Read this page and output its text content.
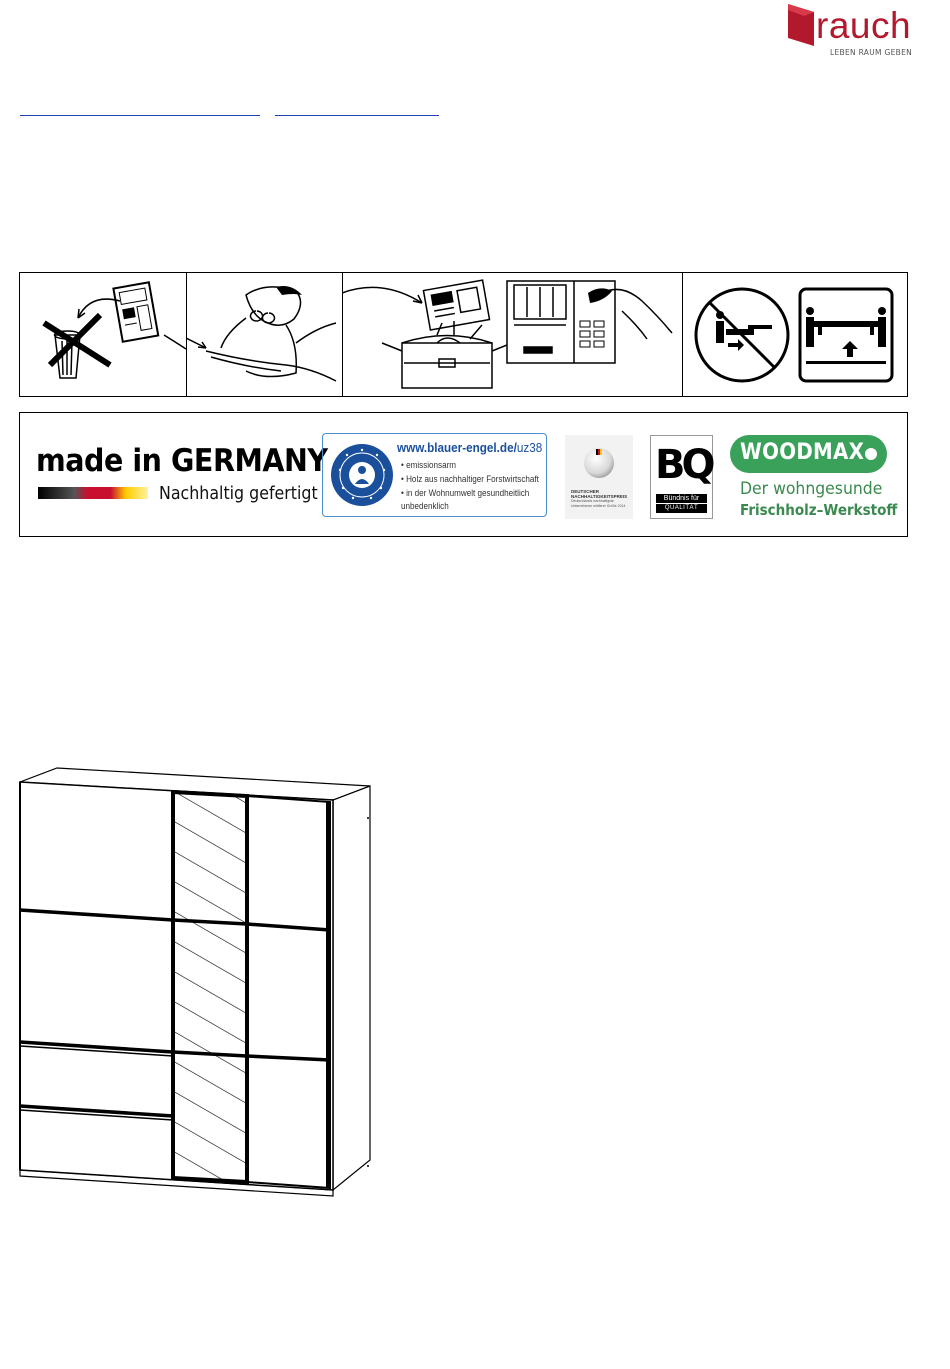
rauch
LEBEN RAUM GEBEN
made in GERMANY
Nachhaltig gefertigt
www.blauer-engel.de/uz38
• emissionsarm
• Holz aus nachhaltiger Forstwirtschaft
• in der Wohnumwelt gesundheitlich
unbedenklich
DEUTSCHER NACHHALTIGKEITSPREIS
Deutschlands nachhaltigste Unternehmen mittlerer Größe 2014
BQ
Bündnis für
QUALITÄT
WOODMAX
Der wohngesunde
Frischholz–Werkstoff
